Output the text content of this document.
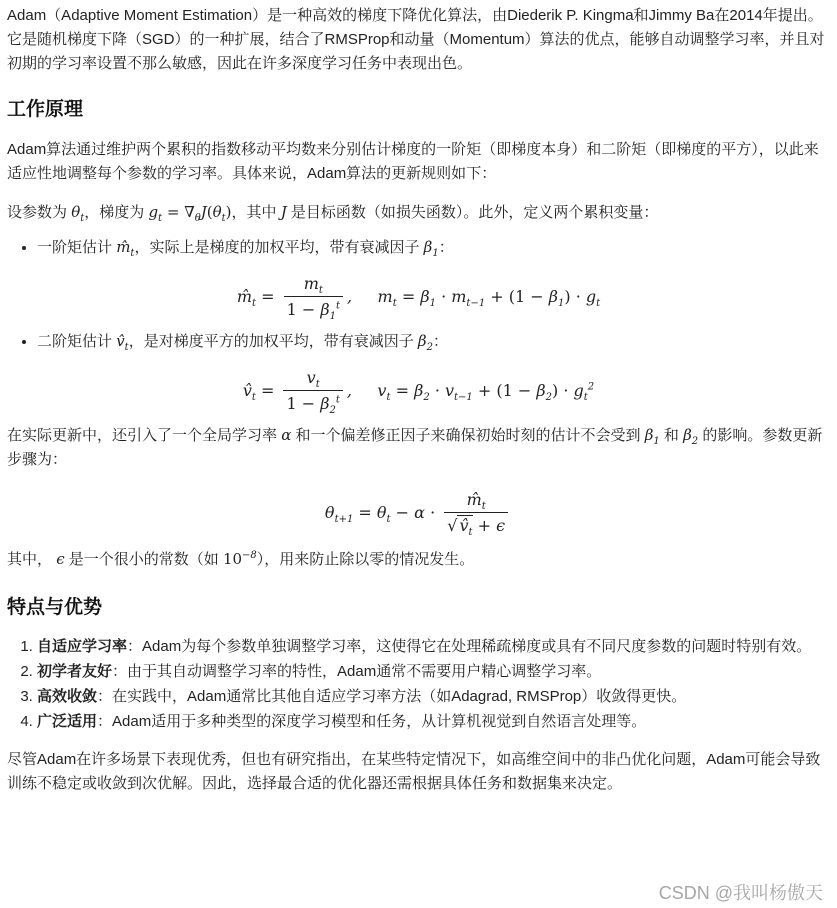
Adam（Adaptive Moment Estimation）是一种高效的梯度下降优化算法，由Diederik P. Kingma和Jimmy Ba在2014年提出。它是随机梯度下降（SGD）的一种扩展，结合了RMSProp和动量（Momentum）算法的优点，能够自动调整学习率，并且对初期的学习率设置不那么敏感，因此在许多深度学习任务中表现出色。

工作原理

Adam算法通过维护两个累积的指数移动平均数来分别估计梯度的一阶矩（即梯度本身）和二阶矩（即梯度的平方），以此来适应性地调整每个参数的学习率。具体来说，Adam算法的更新规则如下：

设参数为 $\theta_t$，梯度为 $g_t = \nabla_\theta J(\theta_t)$，其中 J 是目标函数（如损失函数）。此外，定义两个累积变量：

• 一阶矩估计 $m̂_t$，实际上是梯度的加权平均，带有衰减因子 $\beta_1$：
$m̂_t = \frac{m_t}{1 - \beta_1^t}$ ,     $m_t = \beta_1 \cdot m_{t-1} + (1 - \beta_1) \cdot g_t$
• 二阶矩估计 $v̂_t$，是对梯度平方的加权平均，带有衰减因子 $\beta_2$：
$v̂_t = \frac{v_t}{1 - \beta_2^t}$ ,     $v_t = \beta_2 \cdot v_{t-1} + (1 - \beta_2) \cdot g_t^2$

在实际更新中，还引入了一个全局学习率 α 和一个偏差修正因子来确保初始时刻的估计不会受到 $\beta_1$ 和 $\beta_2$ 的影响。参数更新步骤为：

$\theta_{t+1} = \theta_t - \alpha \cdot \frac{m̂_t}{√ v̂_t + \epsilon}$

其中， ϵ 是一个很小的常数（如 $10^{-8}$），用来防止除以零的情况发生。

特点与优势
1. 自适应学习率：Adam为每个参数单独调整学习率，这使得它在处理稀疏梯度或具有不同尺度参数的问题时特别有效。
2. 初学者友好：由于其自动调整学习率的特性，Adam通常不需要用户精心调整学习率。
3. 高效收敛：在实践中，Adam通常比其他自适应学习率方法（如Adagrad, RMSProp）收敛得更快。
4. 广泛适用：Adam适用于多种类型的深度学习模型和任务，从计算机视觉到自然语言处理等。

尽管Adam在许多场景下表现优秀，但也有研究指出，在某些特定情况下，如高维空间中的非凸优化问题，Adam可能会导致训练不稳定或收敛到次优解。因此，选择最合适的优化器还需根据具体任务和数据集来决定。

CSDN @我叫杨傲天
